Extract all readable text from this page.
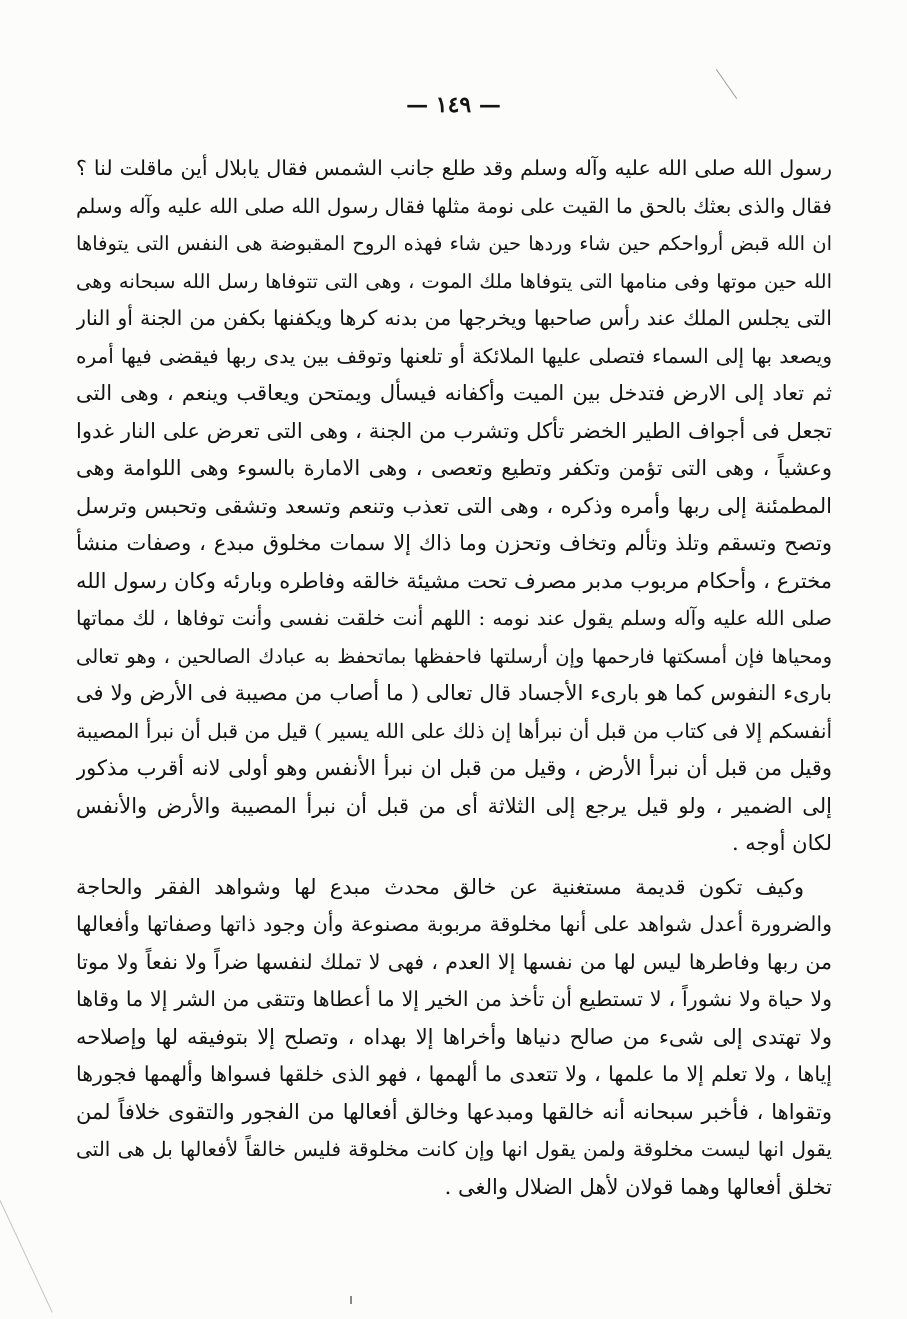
— ١٤٩ —
رسول الله صلى الله عليه وآله وسلم وقد طلع جانب الشمس فقال يابلال أين ماقلت لنا ؟
فقال والذى بعثك بالحق ما القيت على نومة مثلها فقال رسول الله صلى الله عليه وآله وسلم
ان الله قبض أرواحكم حين شاء وردها حين شاء فهذه الروح المقبوضة هى النفس التى يتوفاها
الله حين موتها وفى منامها التى يتوفاها ملك الموت ، وهى التى تتوفاها رسل الله سبحانه وهى
التى يجلس الملك عند رأس صاحبها ويخرجها من بدنه كرها ويكفنها بكفن من الجنة أو النار
ويصعد بها إلى السماء فتصلى عليها الملائكة أو تلعنها وتوقف بين يدى ربها فيقضى فيها أمره
ثم تعاد إلى الارض فتدخل بين الميت وأكفانه فيسأل ويمتحن ويعاقب وينعم ، وهى التى
تجعل فى أجواف الطير الخضر تأكل وتشرب من الجنة ، وهى التى تعرض على النار غدوا
وعشياً ، وهى التى تؤمن وتكفر وتطيع وتعصى ، وهى الامارة بالسوء وهى اللوامة وهى
المطمئنة إلى ربها وأمره وذكره ، وهى التى تعذب وتنعم وتسعد وتشقى وتحبس وترسل
وتصح وتسقم وتلذ وتألم وتخاف وتحزن وما ذاك إلا سمات مخلوق مبدع ، وصفات منشأ
مخترع ، وأحكام مربوب مدبر مصرف تحت مشيئة خالقه وفاطره وبارئه وكان رسول الله
صلى الله عليه وآله وسلم يقول عند نومه : اللهم أنت خلقت نفسى وأنت توفاها ، لك مماتها
ومحياها فإن أمسكتها فارحمها وإن أرسلتها فاحفظها بماتحفظ به عبادك الصالحين ، وهو تعالى
بارىء النفوس كما هو بارىء الأجساد قال تعالى ( ما أصاب من مصيبة فى الأرض ولا فى
أنفسكم إلا فى كتاب من قبل أن نبرأها إن ذلك على الله يسير ) قيل من قبل أن نبرأ المصيبة
وقيل من قبل أن نبرأ الأرض ، وقيل من قبل ان نبرأ الأنفس وهو أولى لانه أقرب مذكور
إلى الضمير ، ولو قيل يرجع إلى الثلاثة أى من قبل أن نبرأ المصيبة والأرض والأنفس
لكان أوجه .
وكيف تكون قديمة مستغنية عن خالق محدث مبدع لها وشواهد الفقر والحاجة
والضرورة أعدل شواهد على أنها مخلوقة مربوبة مصنوعة وأن وجود ذاتها وصفاتها وأفعالها
من ربها وفاطرها ليس لها من نفسها إلا العدم ، فهى لا تملك لنفسها ضراً ولا نفعاً ولا موتا
ولا حياة ولا نشوراً ، لا تستطيع أن تأخذ من الخير إلا ما أعطاها وتتقى من الشر إلا ما وقاها
ولا تهتدى إلى شىء من صالح دنياها وأخراها إلا بهداه ، وتصلح إلا بتوفيقه لها وإصلاحه
إياها ، ولا تعلم إلا ما علمها ، ولا تتعدى ما ألهمها ، فهو الذى خلقها فسواها وألهمها فجورها
وتقواها ، فأخبر سبحانه أنه خالقها ومبدعها وخالق أفعالها من الفجور والتقوى خلافاً لمن
يقول انها ليست مخلوقة ولمن يقول انها وإن كانت مخلوقة فليس خالقاً لأفعالها بل هى التى
تخلق أفعالها وهما قولان لأهل الضلال والغى .
